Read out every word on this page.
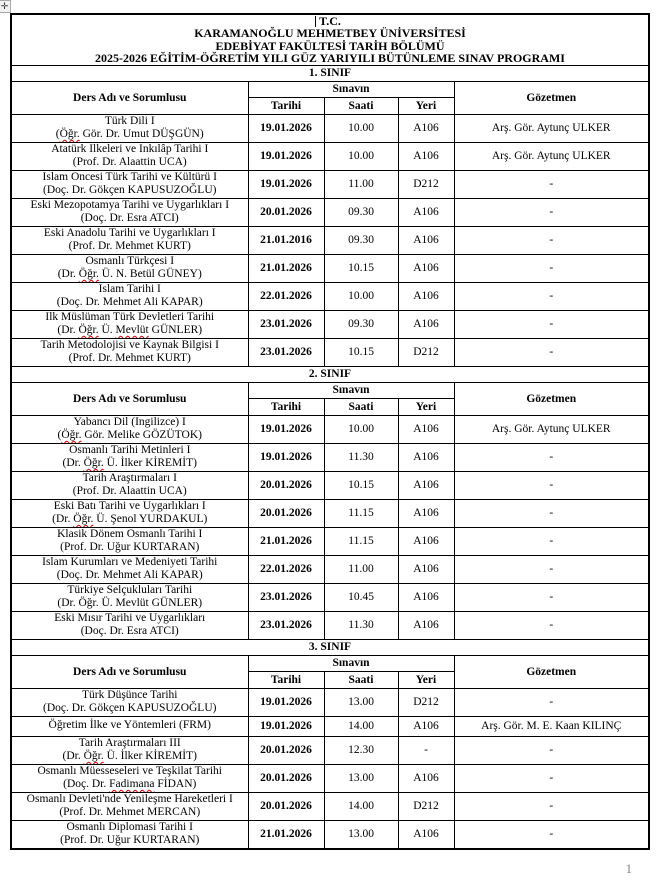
✛
T.C.
KARAMANOĞLU MEHMETBEY ÜNİVERSİTESİ
EDEBİYAT FAKÜLTESİ TARİH BÖLÜMÜ
2025-2026 EĞİTİM-ÖĞRETİM YILI GÜZ YARIYILI BÜTÜNLEME SINAV PROGRAMI				

1. SINIF				
Ders Adı ve Sorumlusu	Sınavın			Gözetmen
	Tarihi	Saati	Yeri	

Türk Dili I
(Öğr. Gör. Dr. Umut DÜŞGÜN)	19.01.2026	10.00	A106	Arş. Gör. Aytunç ULKER

Atatürk Ilkeleri ve Inkılâp Tarihi I
(Prof. Dr. Alaattin UCA)	19.01.2026	10.00	A106	Arş. Gör. Aytunç ULKER

Islam Oncesi Türk Tarihi ve Kültürü I
(Doç. Dr. Gökçen KAPUSUZOĞLU)	19.01.2026	11.00	D212	-

Eski Mezopotamya Tarihi ve Uygarlıkları I
(Doç. Dr. Esra ATCI)	20.01.2026	09.30	A106	-

Eski Anadolu Tarihi ve Uygarlıkları I
(Prof. Dr. Mehmet KURT)	21.01.2016	09.30	A106	-

Osmanlı Türkçesi I
(Dr. Öğr. Ü. N. Betül GÜNEY)	21.01.2026	10.15	A106	-

Islam Tarihi I
(Doç. Dr. Mehmet Ali KAPAR)	22.01.2026	10.00	A106	-

Ilk Müslüman Türk Devletleri Tarihi
(Dr. Öğr. Ü. Mevlüt GÜNLER)	23.01.2026	09.30	A106	-

Tarih Metodolojisi ve Kaynak Bilgisi I
(Prof. Dr. Mehmet KURT)	23.01.2026	10.15	D212	-
2. SINIF				
Ders Adı ve Sorumlusu	Sınavın			Gözetmen
	Tarihi	Saati	Yeri	

Yabancı Dil (Ingilizce) I
(Öğr. Gör. Melike GÖZÜTOK)	19.01.2026	10.00	A106	Arş. Gör. Aytunç ULKER

Osmanlı Tarihi Metinleri I
(Dr. Öğr. Ü. İlker KİREMİT)	19.01.2026	11.30	A106	-

Tarih Araştırmaları I
(Prof. Dr. Alaattin UCA)	20.01.2026	10.15	A106	-

Eski Batı Tarihi ve Uygarlıkları I
(Dr. Öğr. Ü. Şenol YURDAKUL)	20.01.2026	11.15	A106	-

Klasik Dönem Osmanlı Tarihi I
(Prof. Dr. Uğur KURTARAN)	21.01.2026	11.15	A106	-

Islam Kurumları ve Medeniyeti Tarihi
(Doç. Dr. Mehmet Ali KAPAR)	22.01.2026	11.00	A106	-

Türkiye Selçukluları Tarihi
(Dr. Öğr. Ü. Mevlüt GÜNLER)	23.01.2026	10.45	A106	-

Eski Mısır Tarihi ve Uygarlıkları
(Doç. Dr. Esra ATCI)	23.01.2026	11.30	A106	-
3. SINIF				
Ders Adı ve Sorumlusu	Sınavın			Gözetmen
	Tarihi	Saati	Yeri	

Türk Düşünce Tarihi
(Doç. Dr. Gökçen KAPUSUZOĞLU)	19.01.2026	13.00	D212	-

Öğretim İlke ve Yöntemleri (FRM)	19.01.2026	14.00	A106	Arş. Gör. M. E. Kaan KILINÇ

Tarih Araştırmaları III
(Dr. Öğr. Ü. İlker KİREMİT)	20.01.2026	12.30	-	-

Osmanlı Müesseseleri ve Teşkilat Tarihi
(Doç. Dr. Fadimana FİDAN)	20.01.2026	13.00	A106	-

Osmanlı Devleti'nde Yenileşme Hareketleri I
(Prof. Dr. Mehmet MERCAN)	20.01.2026	14.00	D212	-

Osmanlı Diplomasi Tarihi I
(Prof. Dr. Uğur KURTARAN)	21.01.2026	13.00	A106	-
1
